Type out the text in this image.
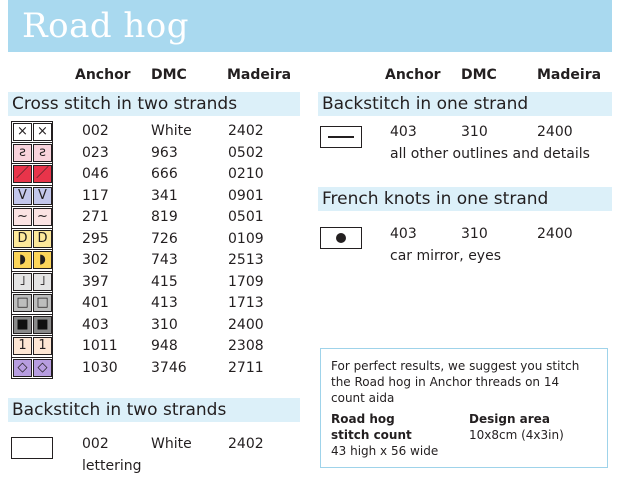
Road hog
Anchor DMC	Madeira	Anchor DMC	Madeira
Cross stitch in two strands
× × 002	White	2402
ƨ	ƨ	023	963	0502
／ ／ 046	666	0210
V V	117	341	0901
~ ~ 271	819	0501
D D	295	726	0109
◗	◗	302	743	2513
˩	˩	397	415	1709
□ □ 401	413	1713
■ ■ 403	310	2400
1 1	1011 948	2308
◇ ◇	1030 3746	2711
Backstitch in two strands
002	White	2402
lettering
Backstitch in one strand
403	310	2400
all other outlines and details
French knots in one strand
403	310	2400
car mirror, eyes
For perfect results, we suggest you stitch
the Road hog in Anchor threads on 14
count aida
Road hog
stitch count
43 high x 56 wide
Design area
10x8cm (4x3in)
